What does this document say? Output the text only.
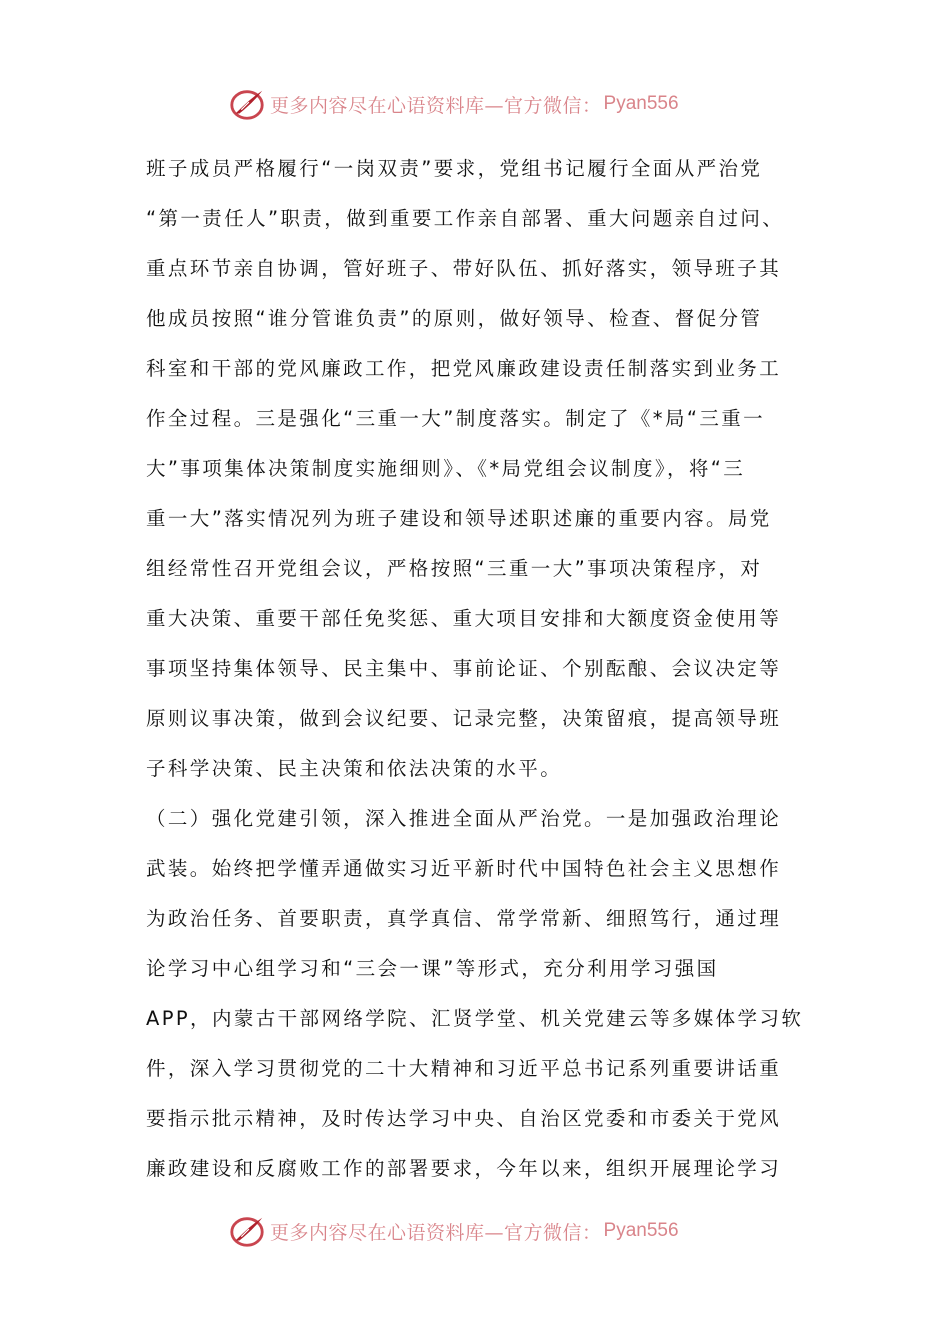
更多内容尽在心语资料库—官方微信： Pyan556
班子成员严格履行“一岗双责”要求，党组书记履行全面从严治党
“第一责任人”职责，做到重要工作亲自部署、重大问题亲自过问、
重点环节亲自协调，管好班子、带好队伍、抓好落实，领导班子其
他成员按照“谁分管谁负责”的原则，做好领导、检查、督促分管
科室和干部的党风廉政工作，把党风廉政建设责任制落实到业务工
作全过程。三是强化“三重一大”制度落实。制定了《*局“三重一
大”事项集体决策制度实施细则》、《*局党组会议制度》，将“三
重一大”落实情况列为班子建设和领导述职述廉的重要内容。局党
组经常性召开党组会议，严格按照“三重一大”事项决策程序，对
重大决策、重要干部任免奖惩、重大项目安排和大额度资金使用等
事项坚持集体领导、民主集中、事前论证、个别酝酿、会议决定等
原则议事决策，做到会议纪要、记录完整，决策留痕，提高领导班
子科学决策、民主决策和依法决策的水平。
（二）强化党建引领，深入推进全面从严治党。一是加强政治理论
武装。始终把学懂弄通做实习近平新时代中国特色社会主义思想作
为政治任务、首要职责，真学真信、常学常新、细照笃行，通过理
论学习中心组学习和“三会一课”等形式，充分利用学习强国
APP，内蒙古干部网络学院、汇贤学堂、机关党建云等多媒体学习软
件，深入学习贯彻党的二十大精神和习近平总书记系列重要讲话重
要指示批示精神，及时传达学习中央、自治区党委和市委关于党风
廉政建设和反腐败工作的部署要求，今年以来，组织开展理论学习
更多内容尽在心语资料库—官方微信： Pyan556
